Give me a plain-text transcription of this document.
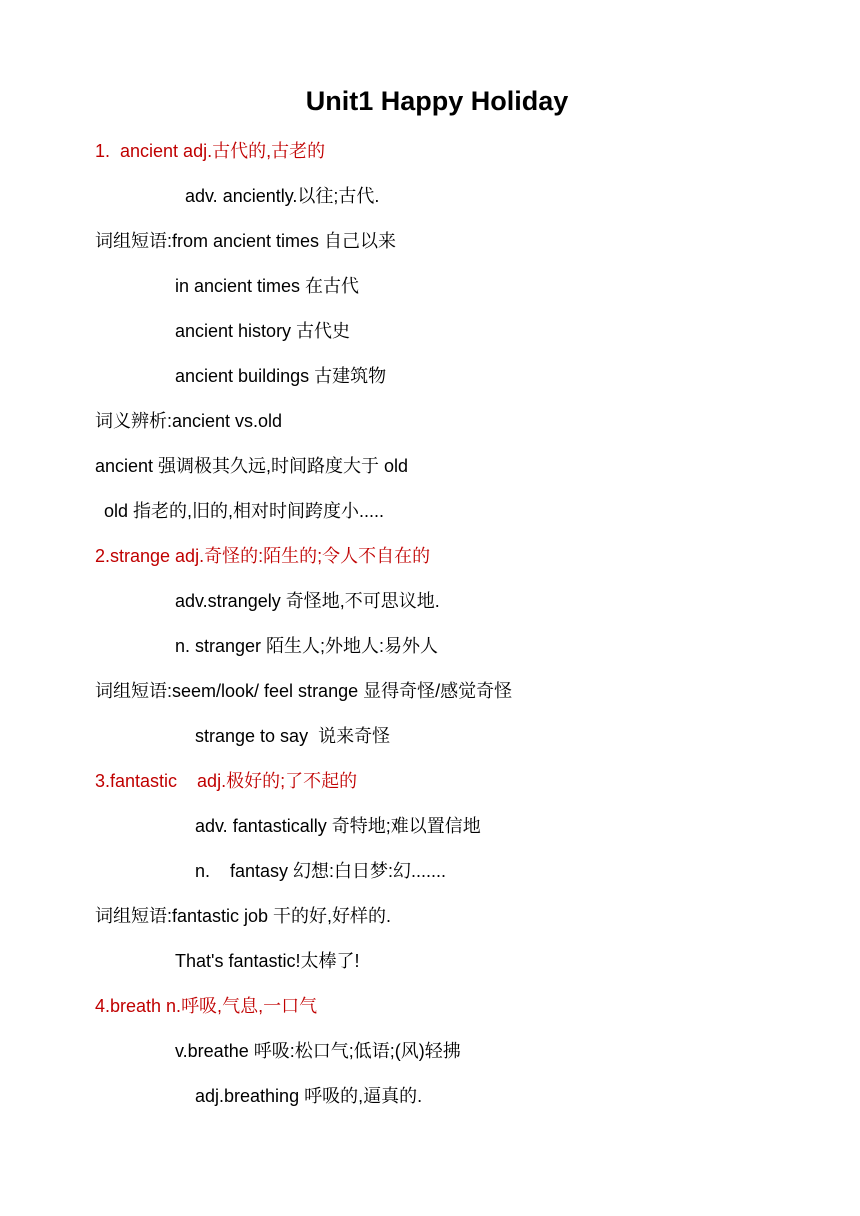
Unit1 Happy Holiday
1.  ancient adj.古代的,古老的
adv. anciently.以往;古代.
词组短语:from ancient times 自己以来
in ancient times 在古代
ancient history 古代史
ancient buildings 古建筑物
词义辨析:ancient vs.old
ancient 强调极其久远,时间路度大于 old
old 指老的,旧的,相对时间跨度小.....
2.strange adj.奇怪的:陌生的;令人不自在的
adv.strangely 奇怪地,不可思议地.
n. stranger 陌生人;外地人:易外人
词组短语:seem/look/ feel strange 显得奇怪/感觉奇怪
strange to say  说来奇怪
3.fantastic    adj.极好的;了不起的
adv. fantastically 奇特地;难以置信地
n.    fantasy 幻想:白日梦:幻.......
词组短语:fantastic job 干的好,好样的.
That's fantastic!太棒了!
4.breath n.呼吸,气息,一口气
v.breathe 呼吸:松口气;低语;(风)轻拂
adj.breathing 呼吸的,逼真的.
